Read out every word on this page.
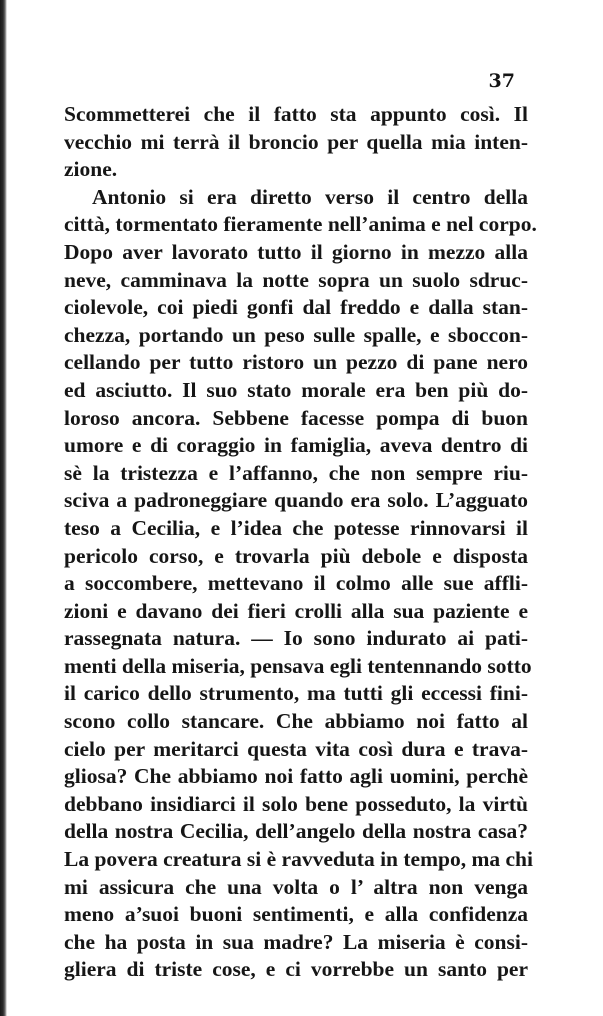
37

Scommetterei che il fatto sta appunto così. Il
vecchio mi terrà il broncio per quella mia inten-
zione.
Antonio si era diretto verso il centro della
città, tormentato fieramente nell’anima e nel corpo.
Dopo aver lavorato tutto il giorno in mezzo alla
neve, camminava la notte sopra un suolo sdruc-
ciolevole, coi piedi gonfi dal freddo e dalla stan-
chezza, portando un peso sulle spalle, e sboccon-
cellando per tutto ristoro un pezzo di pane nero
ed asciutto. Il suo stato morale era ben più do-
loroso ancora. Sebbene facesse pompa di buon
umore e di coraggio in famiglia, aveva dentro di
sè la tristezza e l’affanno, che non sempre riu-
sciva a padroneggiare quando era solo. L’agguato
teso a Cecilia, e l’idea che potesse rinnovarsi il
pericolo corso, e trovarla più debole e disposta
a soccombere, mettevano il colmo alle sue affli-
zioni e davano dei fieri crolli alla sua paziente e
rassegnata natura. — Io sono indurato ai pati-
menti della miseria, pensava egli tentennando sotto
il carico dello strumento, ma tutti gli eccessi fini-
scono collo stancare. Che abbiamo noi fatto al
cielo per meritarci questa vita così dura e trava-
gliosa? Che abbiamo noi fatto agli uomini, perchè
debbano insidiarci il solo bene posseduto, la virtù
della nostra Cecilia, dell’angelo della nostra casa?
La povera creatura si è ravveduta in tempo, ma chi
mi assicura che una volta o l’ altra non venga
meno a’suoi buoni sentimenti, e alla confidenza
che ha posta in sua madre? La miseria è consi-
gliera di triste cose, e ci vorrebbe un santo per
